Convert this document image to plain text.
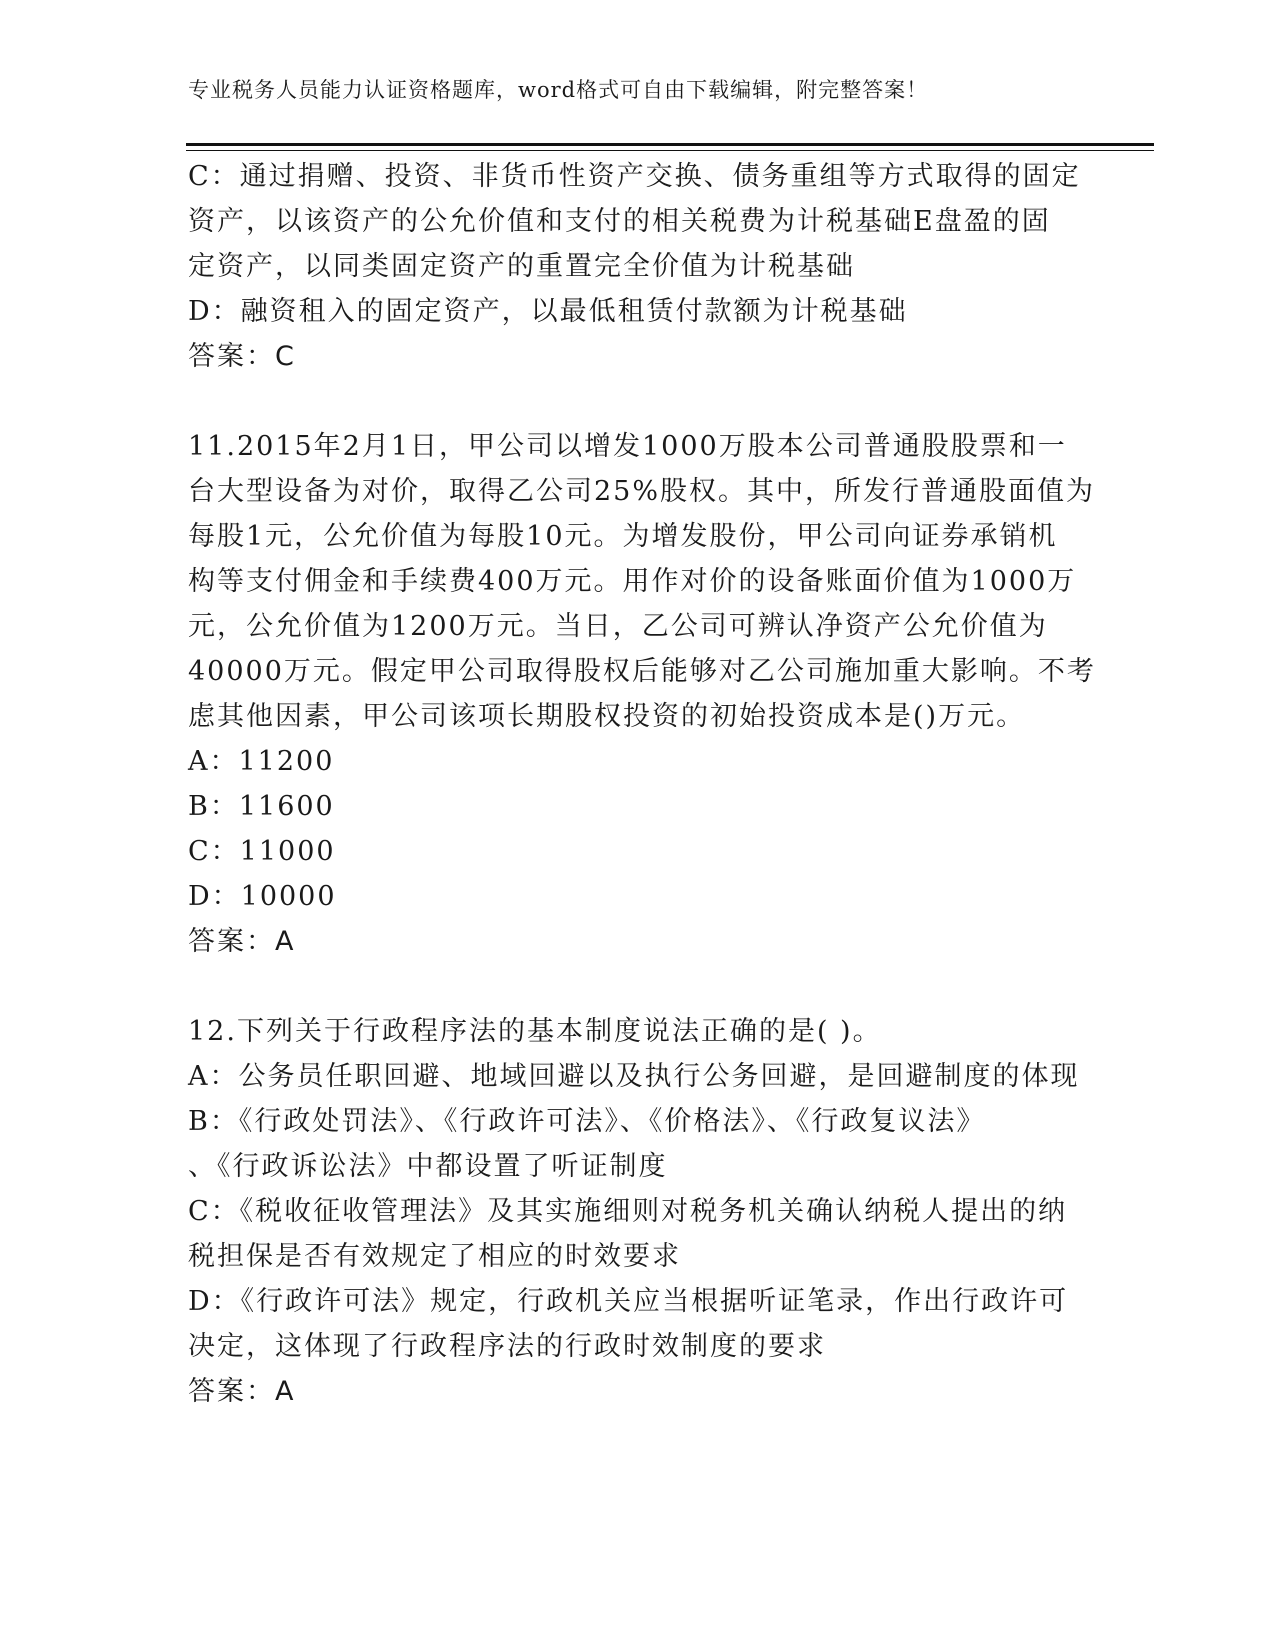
专业税务人员能力认证资格题库，word格式可自由下载编辑，附完整答案！
C：通过捐赠、投资、非货币性资产交换、债务重组等方式取得的固定
资产，以该资产的公允价值和支付的相关税费为计税基础E盘盈的固
定资产，以同类固定资产的重置完全价值为计税基础
D：融资租入的固定资产，以最低租赁付款额为计税基础
答案：C
11.2015年2月1日，甲公司以增发1000万股本公司普通股股票和一
台大型设备为对价，取得乙公司25%股权。其中，所发行普通股面值为
每股1元，公允价值为每股10元。为增发股份，甲公司向证券承销机
构等支付佣金和手续费400万元。用作对价的设备账面价值为1000万
元，公允价值为1200万元。当日，乙公司可辨认净资产公允价值为
40000万元。假定甲公司取得股权后能够对乙公司施加重大影响。不考
虑其他因素，甲公司该项长期股权投资的初始投资成本是()万元。
A：11200
B：11600
C：11000
D：10000
答案：A
12.下列关于行政程序法的基本制度说法正确的是( )。
A：公务员任职回避、地域回避以及执行公务回避，是回避制度的体现
B：《行政处罚法》、《行政许可法》、《价格法》、《行政复议法》
、《行政诉讼法》中都设置了听证制度
C：《税收征收管理法》及其实施细则对税务机关确认纳税人提出的纳
税担保是否有效规定了相应的时效要求
D：《行政许可法》规定，行政机关应当根据听证笔录，作出行政许可
决定，这体现了行政程序法的行政时效制度的要求
答案：A
